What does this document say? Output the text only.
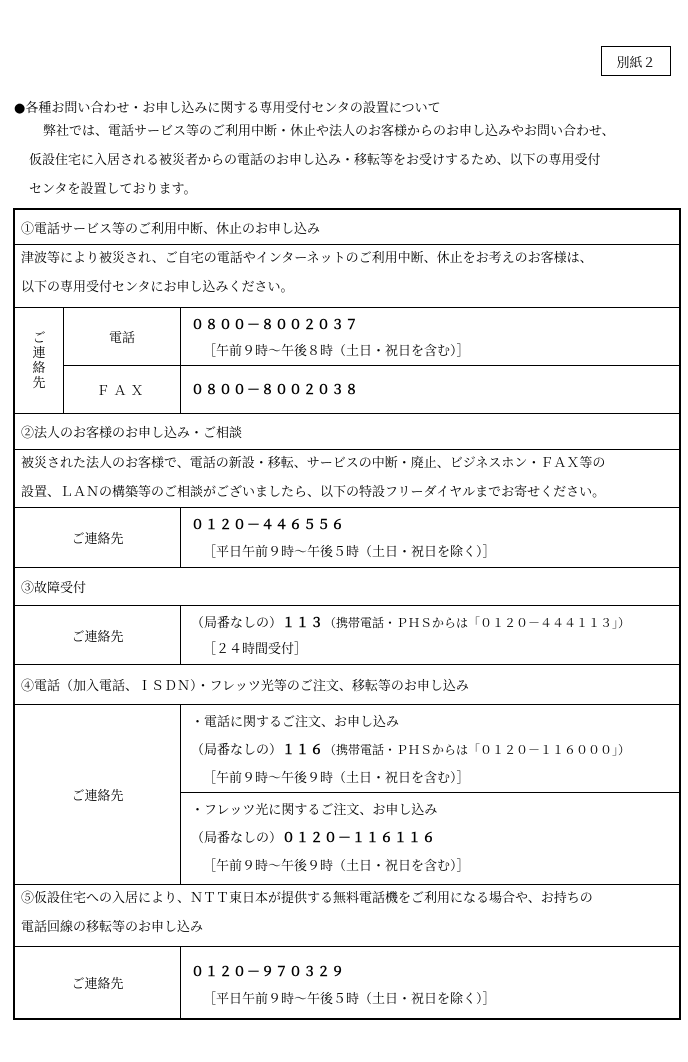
別紙２
●各種お問い合わせ・お申し込みに関する専用受付センタの設置について
弊社では、電話サービス等のご利用中断・休止や法人のお客様からのお申し込みやお問い合わせ、
仮設住宅に入居される被災者からの電話のお申し込み・移転等をお受けするため、以下の専用受付
センタを設置しております。
①電話サービス等のご利用中断、休止のお申し込み
津波等により被災され、ご自宅の電話やインターネットのご利用中断、休止をお考えのお客様は、
以下の専用受付センタにお申し込みください。
ご連絡先
電話
０８００－８００２０３７
［午前９時～午後８時（土日・祝日を含む）］
ＦＡＸ	０８００－８００２０３８
②法人のお客様のお申し込み・ご相談
被災された法人のお客様で、電話の新設・移転、サービスの中断・廃止、ビジネスホン・ＦＡＸ等の
設置、ＬＡＮの構築等のご相談がございましたら、以下の特設フリーダイヤルまでお寄せください。
ご連絡先
０１２０－４４６５５６
［平日午前９時～午後５時（土日・祝日を除く）］
③故障受付
ご連絡先
（局番なしの）１１３（携帯電話・ＰＨＳからは「０１２０－４４４１１３」）
［２４時間受付］
④電話（加入電話、ＩＳＤＮ）・フレッツ光等のご注文、移転等のお申し込み
ご連絡先
・電話に関するご注文、お申し込み
（局番なしの）１１６（携帯電話・ＰＨＳからは「０１２０－１１６０００」）
［午前９時～午後９時（土日・祝日を含む）］
・フレッツ光に関するご注文、お申し込み
（局番なしの）０１２０－１１６１１６
［午前９時～午後９時（土日・祝日を含む）］
⑤仮設住宅への入居により、ＮＴＴ東日本が提供する無料電話機をご利用になる場合や、お持ちの
電話回線の移転等のお申し込み
ご連絡先
０１２０－９７０３２９
［平日午前９時～午後５時（土日・祝日を除く）］
